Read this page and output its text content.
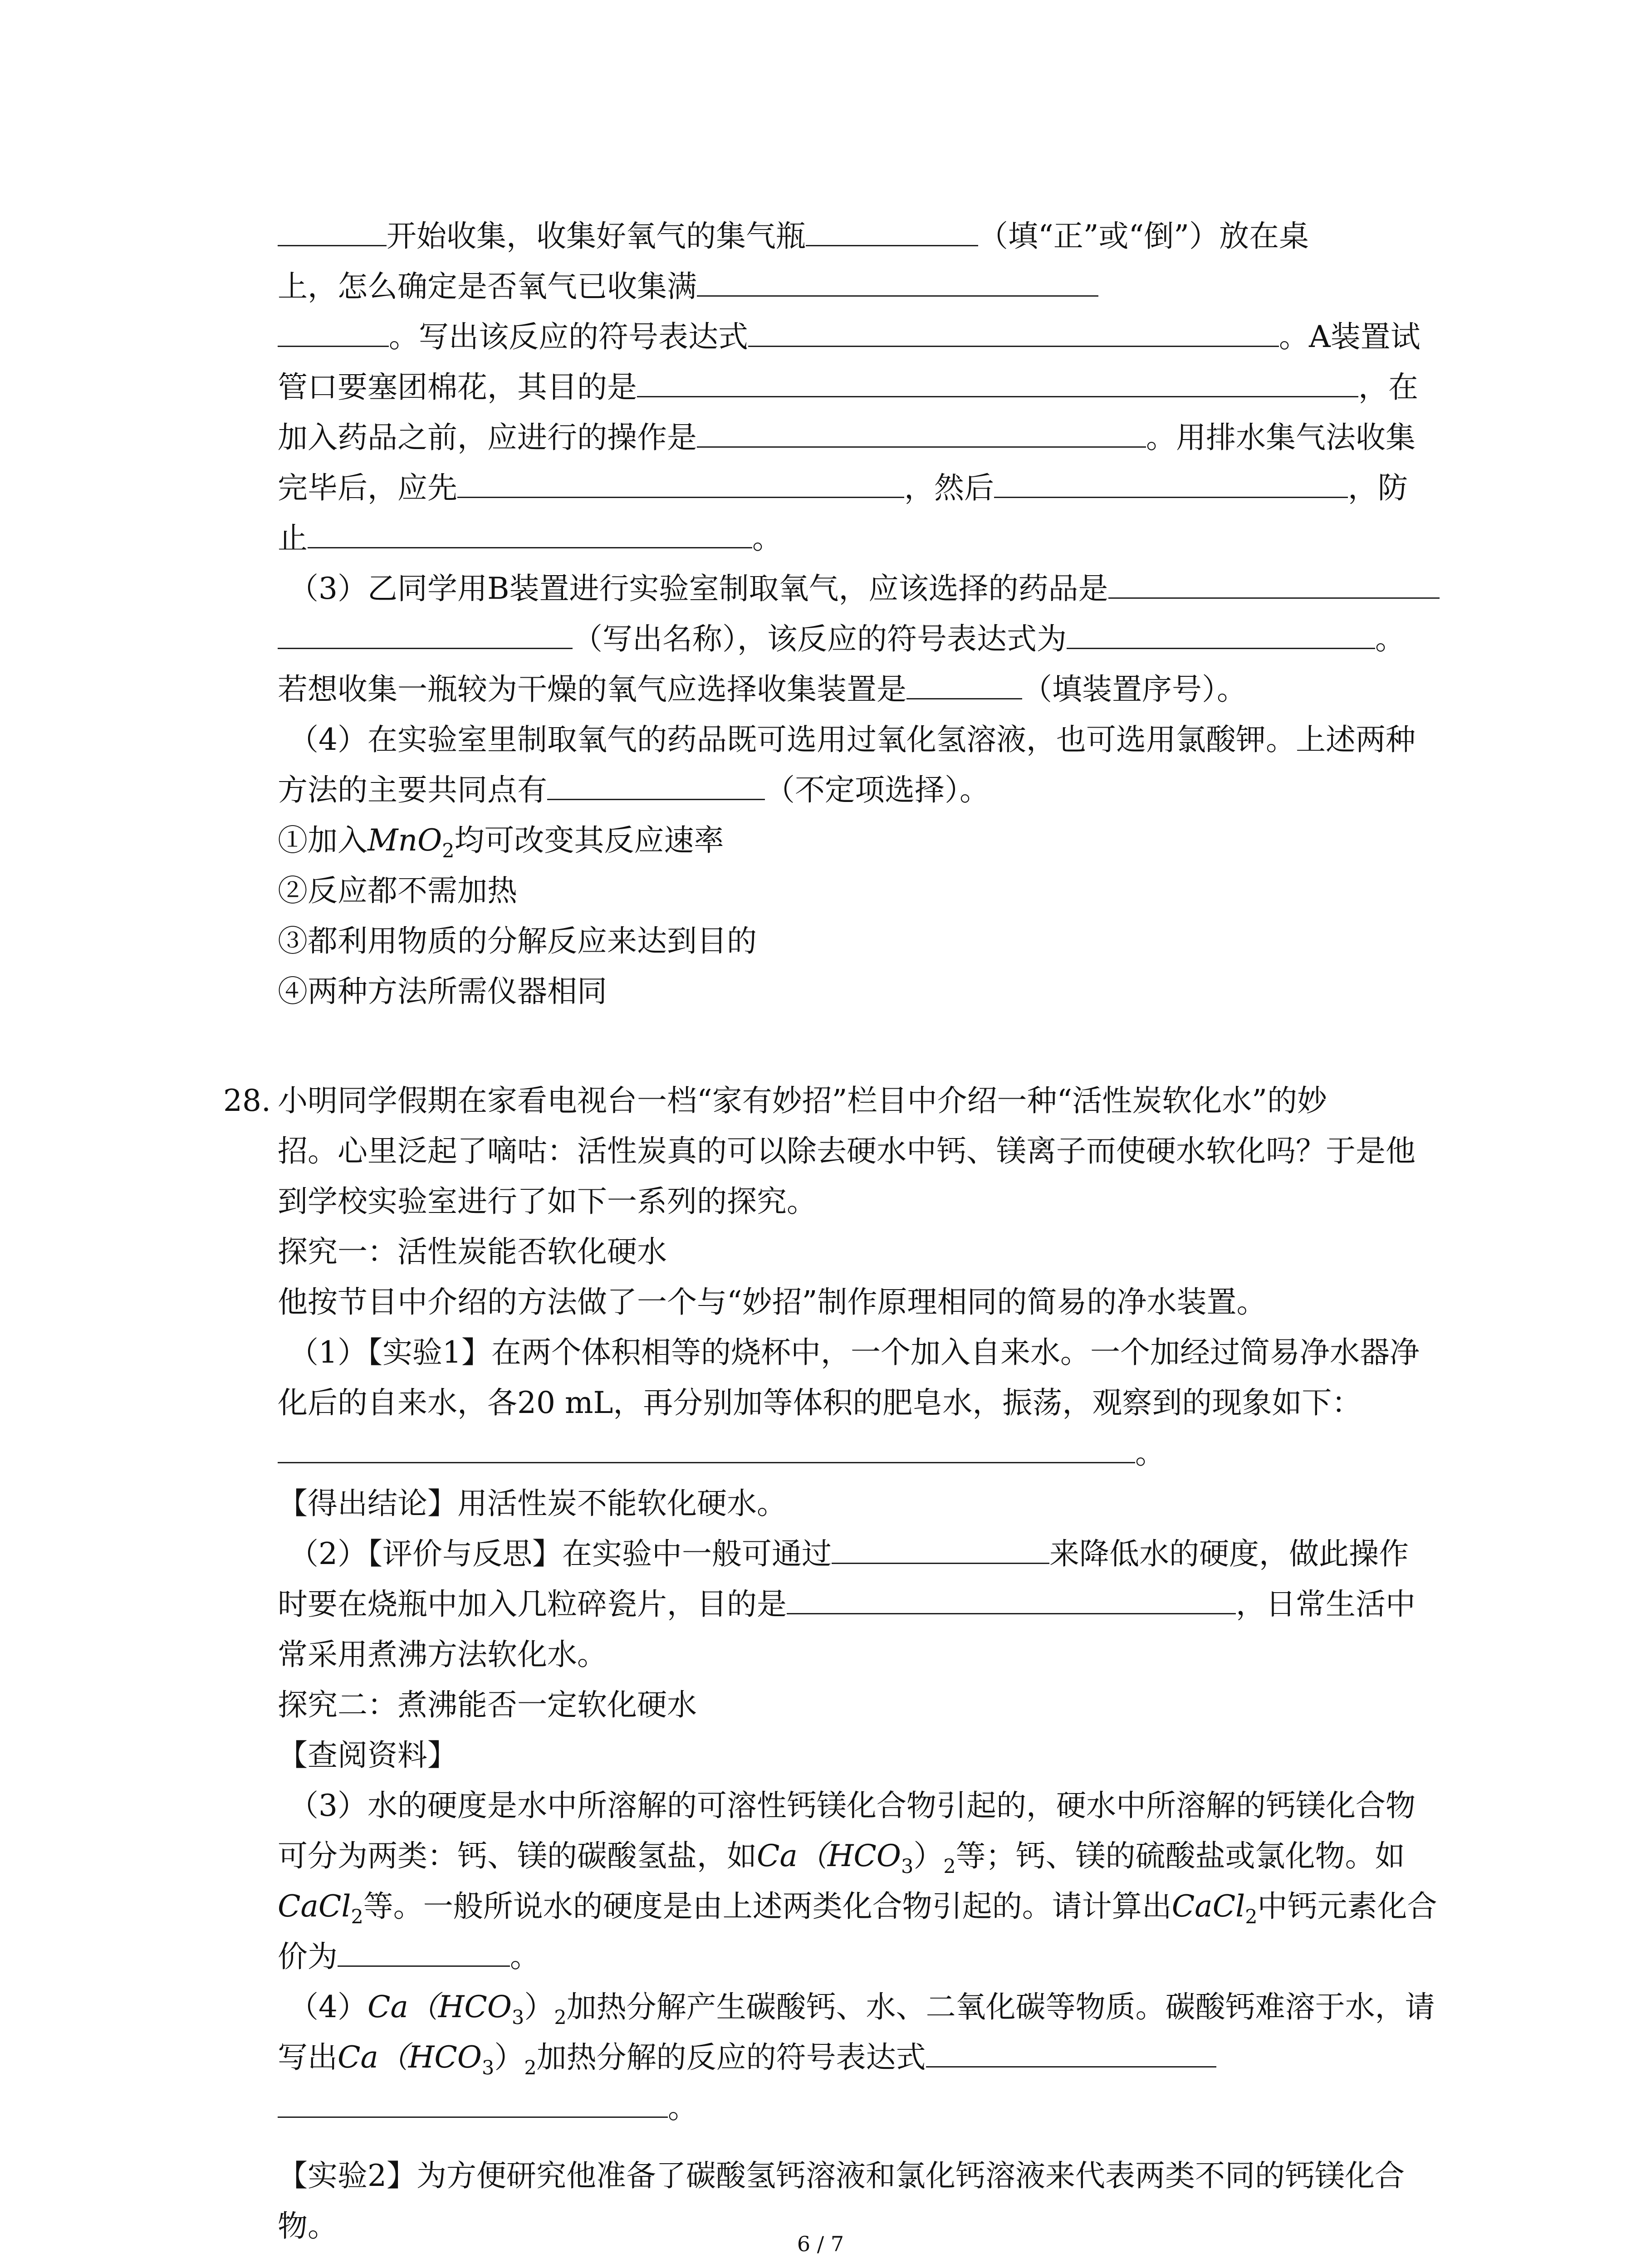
开始收集，收集好氧气的集气瓶	（填“正”或“倒”）放在桌
上，怎么确定是否氧气已收集满
。写出该反应的符号表达式	。A装置试
管口要塞团棉花，其目的是	，在
加入药品之前，应进行的操作是	。用排水集气法收集
完毕后，应先	，然后	，防
止	。
（3）乙同学用B装置进行实验室制取氧气，应该选择的药品是
（写出名称），该反应的符号表达式为	。
若想收集一瓶较为干燥的氧气应选择收集装置是	（填装置序号）。
（4）在实验室里制取氧气的药品既可选用过氧化氢溶液，也可选用氯酸钾。上述两种
方法的主要共同点有	（不定项选择）。
①加入MnO$_2$均可改变其反应速率
②反应都不需加热
③都利用物质的分解反应来达到目的
④两种方法所需仪器相同
28. 小明同学假期在家看电视台一档“家有妙招”栏目中介绍一种“活性炭软化水”的妙
招。心里泛起了嘀咕：活性炭真的可以除去硬水中钙、镁离子而使硬水软化吗？于是他
到学校实验室进行了如下一系列的探究。
探究一：活性炭能否软化硬水
他按节目中介绍的方法做了一个与“妙招”制作原理相同的简易的净水装置。
（1）【实验1】在两个体积相等的烧杯中，一个加入自来水。一个加经过简易净水器净
化后的自来水，各20 mL，再分别加等体积的肥皂水，振荡，观察到的现象如下：
。
【得出结论】用活性炭不能软化硬水。
（2）【评价与反思】在实验中一般可通过	来降低水的硬度，做此操作
时要在烧瓶中加入几粒碎瓷片，目的是	，日常生活中
常采用煮沸方法软化水。
探究二：煮沸能否一定软化硬水
【查阅资料】
（3）水的硬度是水中所溶解的可溶性钙镁化合物引起的，硬水中所溶解的钙镁化合物
可分为两类：钙、镁的碳酸氢盐，如$Ca(HCO_3)_2$等；钙、镁的硫酸盐或氯化物。如
CaCl$_2$等。一般所说水的硬度是由上述两类化合物引起的。请计算出CaCl$_2$中钙元素化合
价为	。
$(4)Ca(HCO_3)_2$加热分解产生碳酸钙、水、二氧化碳等物质。碳酸钙难溶于水，请
写出$Ca(HCO_3)_2$加热分解的反应的符号表达式
。
【实验2】为方便研究他准备了碳酸氢钙溶液和氯化钙溶液来代表两类不同的钙镁化合
物。
6 / 7
